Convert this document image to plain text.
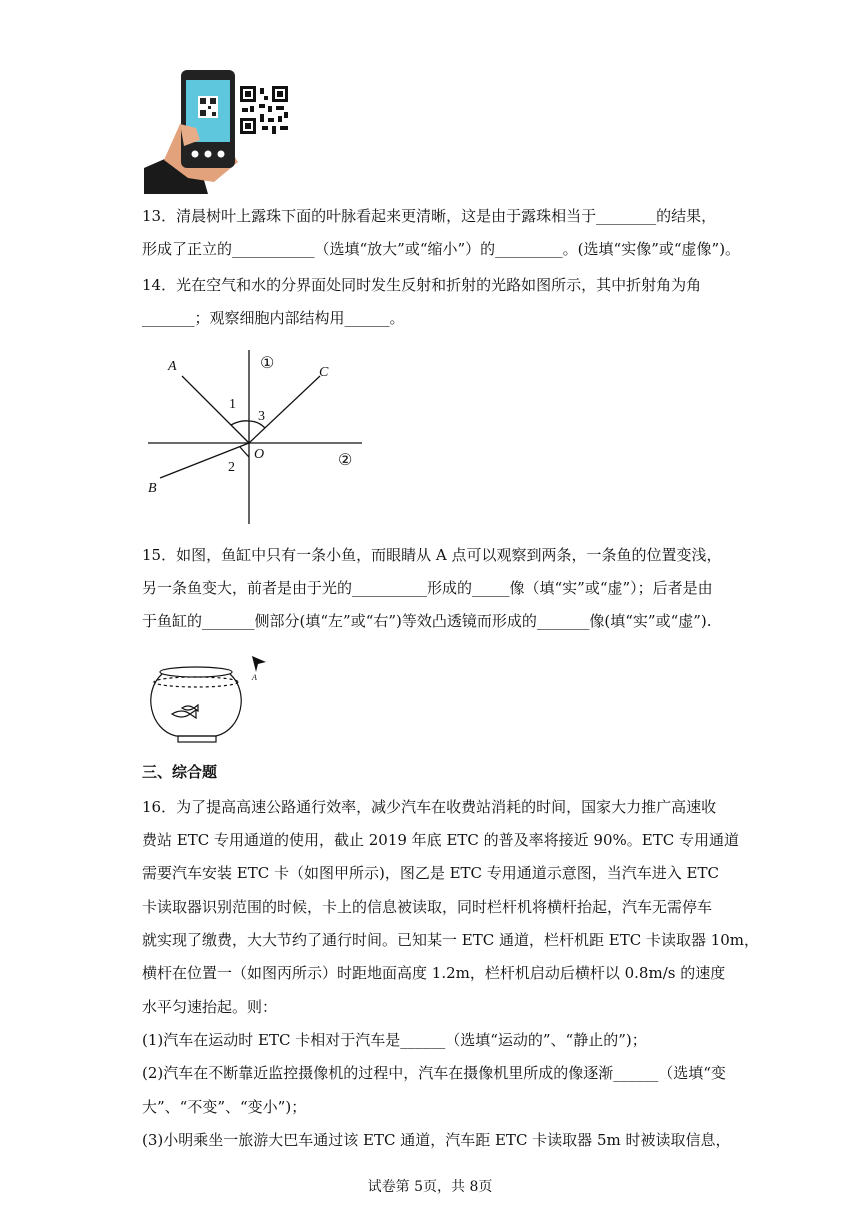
13．清晨树叶上露珠下面的叶脉看起来更清晰，这是由于露珠相当于________的结果，
形成了正立的___________（选填“放大”或“缩小”）的_________。(选填“实像”或“虚像”)。
14．光在空气和水的分界面处同时发生反射和折射的光路如图所示，其中折射角为角
_______；观察细胞内部结构用______。
A	C
B
O
1
3
2
①
②
15．如图，鱼缸中只有一条小鱼，而眼睛从 A 点可以观察到两条，一条鱼的位置变浅，
另一条鱼变大，前者是由于光的__________形成的_____像（填“实”或“虚”）；后者是由
于鱼缸的_______侧部分(填“左”或“右”)等效凸透镜而形成的_______像(填“实”或“虚”).
A
三、综合题
16．为了提高高速公路通行效率，减少汽车在收费站消耗的时间，国家大力推广高速收
费站 ETC 专用通道的使用，截止 2019 年底 ETC 的普及率将接近 90%。ETC 专用通道
需要汽车安装 ETC 卡（如图甲所示)，图乙是 ETC 专用通道示意图，当汽车进入 ETC
卡读取器识别范围的时候，卡上的信息被读取，同时栏杆机将横杆抬起，汽车无需停车
就实现了缴费，大大节约了通行时间。已知某一 ETC 通道，栏杆机距 ETC 卡读取器 10m，
横杆在位置一（如图丙所示）时距地面高度 1.2m，栏杆机启动后横杆以 0.8m/s 的速度
水平匀速抬起。则：
(1)汽车在运动时 ETC 卡相对于汽车是______（选填“运动的”、“静止的”)；
(2)汽车在不断靠近监控摄像机的过程中，汽车在摄像机里所成的像逐渐______（选填“变
大”、“不变”、“变小”)；
(3)小明乘坐一旅游大巴车通过该 ETC 通道，汽车距 ETC 卡读取器 5m 时被读取信息，
试卷第 5页，共 8页
